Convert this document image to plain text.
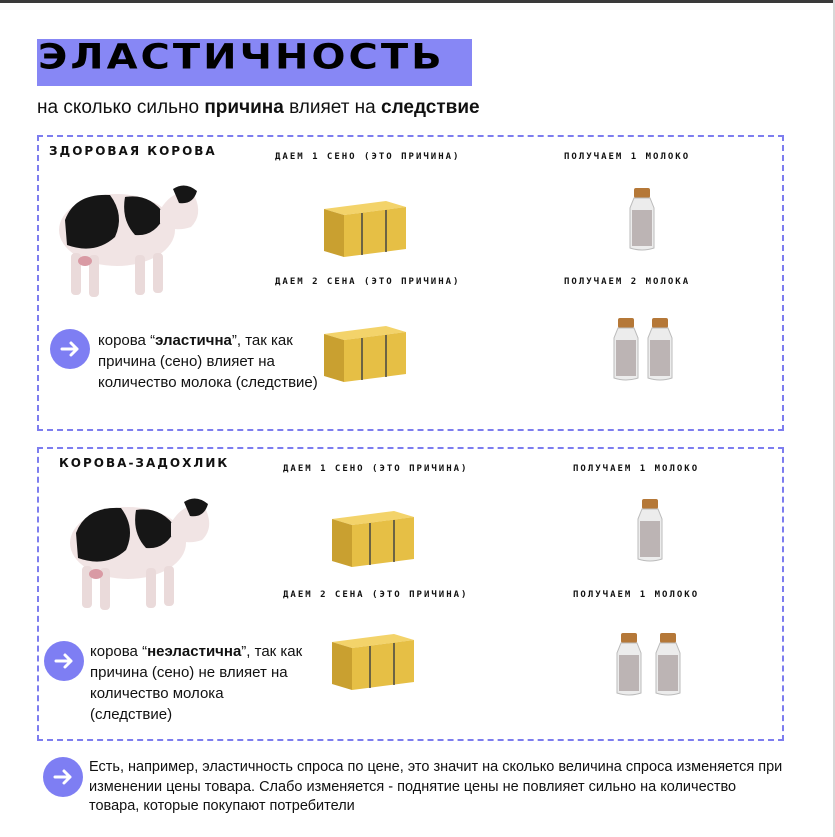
ЭЛАСТИЧНОСТЬ
на сколько сильно причина влияет на следствие
ЗДОРОВАЯ КОРОВА	ДАЕМ 1 СЕНО (ЭТО ПРИЧИНА)	ПОЛУЧАЕМ 1 МОЛОКО
ДАЕМ 2 СЕНА (ЭТО ПРИЧИНА)	ПОЛУЧАЕМ 2 МОЛОКА
корова “эластична”, так как причина (сено) влияет на количество молока (следствие)
КОРОВА-ЗАДОХЛИК	ДАЕМ 1 СЕНО (ЭТО ПРИЧИНА)	ПОЛУЧАЕМ 1 МОЛОКО
ДАЕМ 2 СЕНА (ЭТО ПРИЧИНА)	ПОЛУЧАЕМ 1 МОЛОКО
корова “неэластична”, так как причина (сено) не влияет на количество молока (следствие)
Есть, например, эластичность спроса по цене, это значит на сколько величина спроса изменяется при изменении цены товара. Слабо изменяется - поднятие цены не повлияет сильно на количество товара, которые покупают потребители
